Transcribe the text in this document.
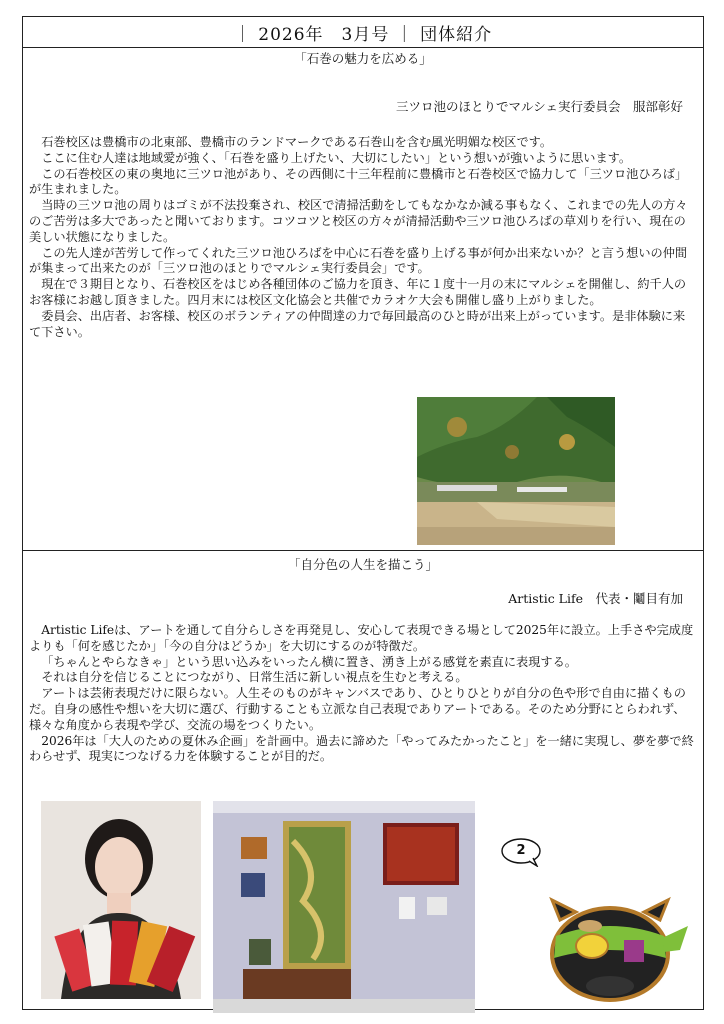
｜ 2026年
　 3月号 ｜ 団体紹介
「石巻の魅力を広める」
三ツロ池のほとりでマルシェ実行委員会　服部彰好

石巻校区は豊橋市の北東部、豊橋市のランドマークである石巻山を含む風光明媚な校区です。

ここに住む人達は地域愛が強く、「石巻を盛り上げたい、大切にしたい」という想いが強いように思います。

この石巻校区の東の奥地に三ツロ池があり、その西側に十三年程前に豊橋市と石巻校区で協力して「三ツロ池ひろば」が生まれました。

当時の三ツロ池の周りはゴミが不法投棄され、校区で清掃活動をしてもなかなか減る事もなく、これまでの先人の方々のご苦労は多大であったと聞いております。コツコツと校区の方々が清掃活動や三ツロ池ひろばの草刈りを行い、現在の美しい状態になりました。

この先人達が苦労して作ってくれた三ツロ池ひろばを中心に石巻を盛り上げる事が何か出来ないか？と言う想いの仲間が集まって出来たのが「三ツロ池のほとりでマルシェ実行委員会」です。

現在で３期目となり、石巻校区をはじめ各種団体のご協力を頂き、年に１度十一月の末にマルシェを開催し、約千人のお客様にお越し頂きました。四月末には校区文化協会と共催でカラオケ大会も開催し盛り上がりました。

委員会、出店者、お客様、校区のボランティアの仲間達の力で毎回最高のひと時が出来上がっています。是非体験に来て下さい。

「自分色の人生を描こう」
Artistic Life　代表・鬮目有加

Artistic Lifeは、アートを通して自分らしさを再発見し、安心して表現できる場として2025年に設立。上手さや完成度よりも「何を感じたか」「今の自分はどうか」を大切にするのが特徴だ。

「ちゃんとやらなきゃ」という思い込みをいったん横に置き、湧き上がる感覚を素直に表現する。

それは自分を信じることにつながり、日常生活に新しい視点を生むと考える。

アートは芸術表現だけに限らない。人生そのものがキャンバスであり、ひとりひとりが自分の色や形で自由に描くものだ。自身の感性や想いを大切に選び、行動することも立派な自己表現でありアートである。そのため分野にとらわれず、様々な角度から表現や学び、交流の場をつくりたい。

2026年は「大人のための夏休み企画」を計画中。過去に諦めた「やってみたかったこと」を一緒に実現し、夢を夢で終わらせず、現実につなげる力を体験することが目的だ。

2
